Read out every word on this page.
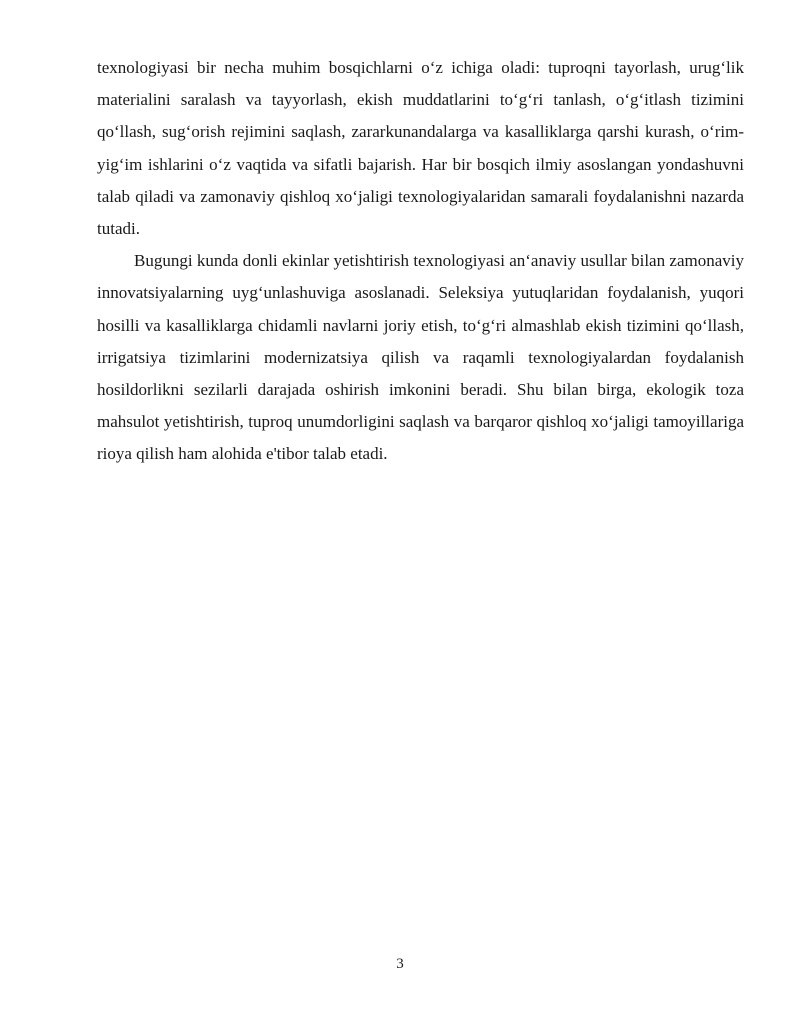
texnologiyasi bir necha muhim bosqichlarni o‘z ichiga oladi: tuproqni tayorlash, urug‘lik materialini saralash va tayyorlash, ekish muddatlarini to‘g‘ri tanlash, o‘g‘itlash tizimini qo‘llash, sug‘orish rejimini saqlash, zararkunandalarga va kasalliklarga qarshi kurash, o‘rim-yig‘im ishlarini o‘z vaqtida va sifatli bajarish. Har bir bosqich ilmiy asoslangan yondashuvni talab qiladi va zamonaviy qishloq xo‘jaligi texnologiyalaridan samarali foydalanishni nazarda tutadi.

Bugungi kunda donli ekinlar yetishtirish texnologiyasi an‘anaviy usullar bilan zamonaviy innovatsiyalarning uyg‘unlashuviga asoslanadi. Seleksiya yutuqlaridan foydalanish, yuqori hosilli va kasalliklarga chidamli navlarni joriy etish, to‘g‘ri almashlab ekish tizimini qo‘llash, irrigatsiya tizimlarini modernizatsiya qilish va raqamli texnologiyalardan foydalanish hosildorlikni sezilarli darajada oshirish imkonini beradi. Shu bilan birga, ekologik toza mahsulot yetishtirish, tuproq unumdorligini saqlash va barqaror qishloq xo‘jaligi tamoyillariga rioya qilish ham alohida e'tibor talab etadi.

3
